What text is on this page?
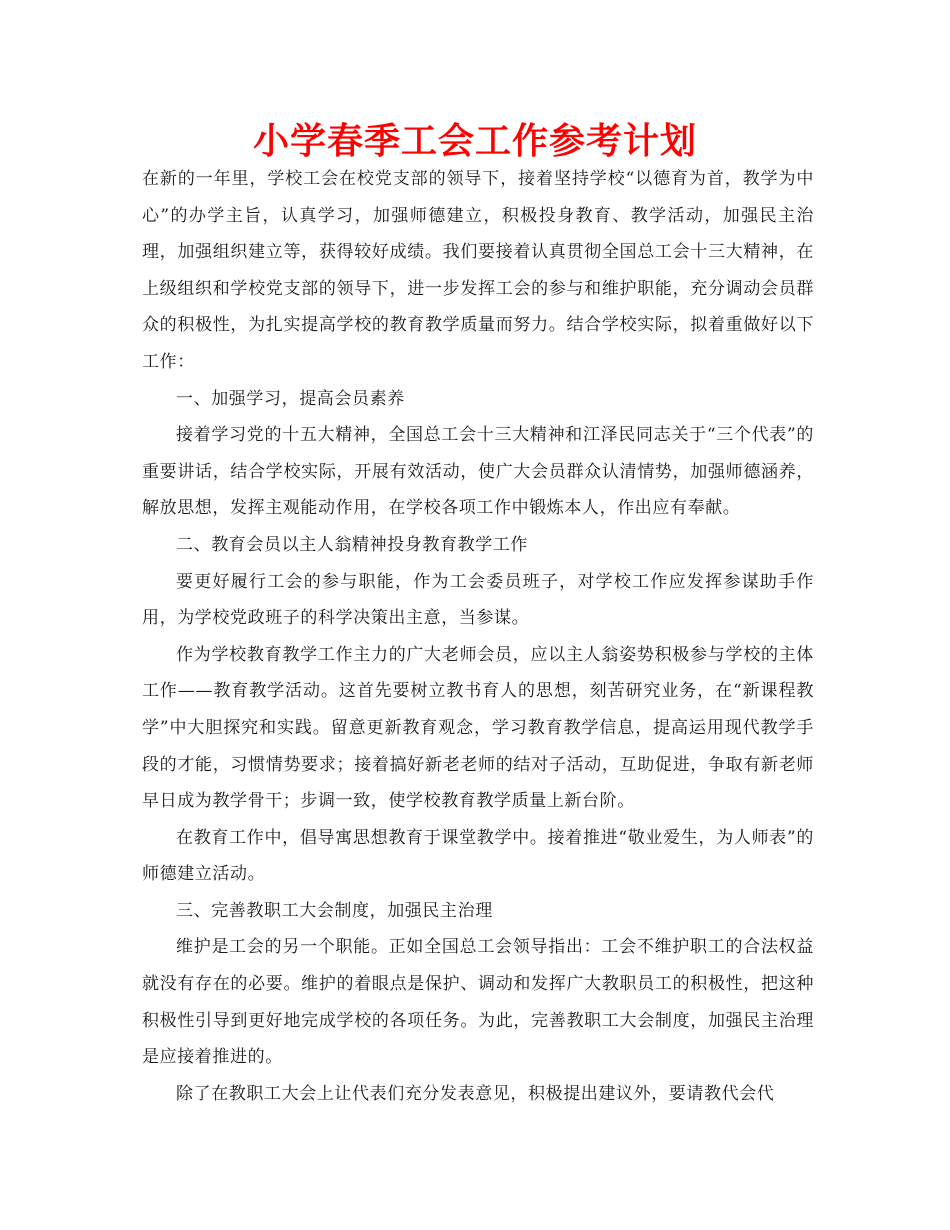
小学春季工会工作参考计划

在新的一年里，学校工会在校党支部的领导下，接着坚持学校“以德育为首，教学为中心”的办学主旨，认真学习，加强师德建立，积极投身教育、教学活动，加强民主治理，加强组织建立等，获得较好成绩。我们要接着认真贯彻全国总工会十三大精神，在上级组织和学校党支部的领导下，进一步发挥工会的参与和维护职能，充分调动会员群众的积极性，为扎实提高学校的教育教学质量而努力。结合学校实际，拟着重做好以下工作：

一、加强学习，提高会员素养

接着学习党的十五大精神，全国总工会十三大精神和江泽民同志关于“三个代表”的重要讲话，结合学校实际，开展有效活动，使广大会员群众认清情势，加强师德涵养，解放思想，发挥主观能动作用，在学校各项工作中锻炼本人，作出应有奉献。

二、教育会员以主人翁精神投身教育教学工作

要更好履行工会的参与职能，作为工会委员班子，对学校工作应发挥参谋助手作用，为学校党政班子的科学决策出主意，当参谋。

作为学校教育教学工作主力的广大老师会员，应以主人翁姿势积极参与学校的主体工作——教育教学活动。这首先要树立教书育人的思想，刻苦研究业务，在“新课程教学”中大胆探究和实践。留意更新教育观念，学习教育教学信息，提高运用现代教学手段的才能，习惯情势要求；接着搞好新老老师的结对子活动，互助促进，争取有新老师早日成为教学骨干；步调一致，使学校教育教学质量上新台阶。

在教育工作中，倡导寓思想教育于课堂教学中。接着推进“敬业爱生，为人师表”的师德建立活动。

三、完善教职工大会制度，加强民主治理

维护是工会的另一个职能。正如全国总工会领导指出：工会不维护职工的合法权益就没有存在的必要。维护的着眼点是保护、调动和发挥广大教职员工的积极性，把这种积极性引导到更好地完成学校的各项任务。为此，完善教职工大会制度，加强民主治理是应接着推进的。

除了在教职工大会上让代表们充分发表意见，积极提出建议外，要请教代会代
